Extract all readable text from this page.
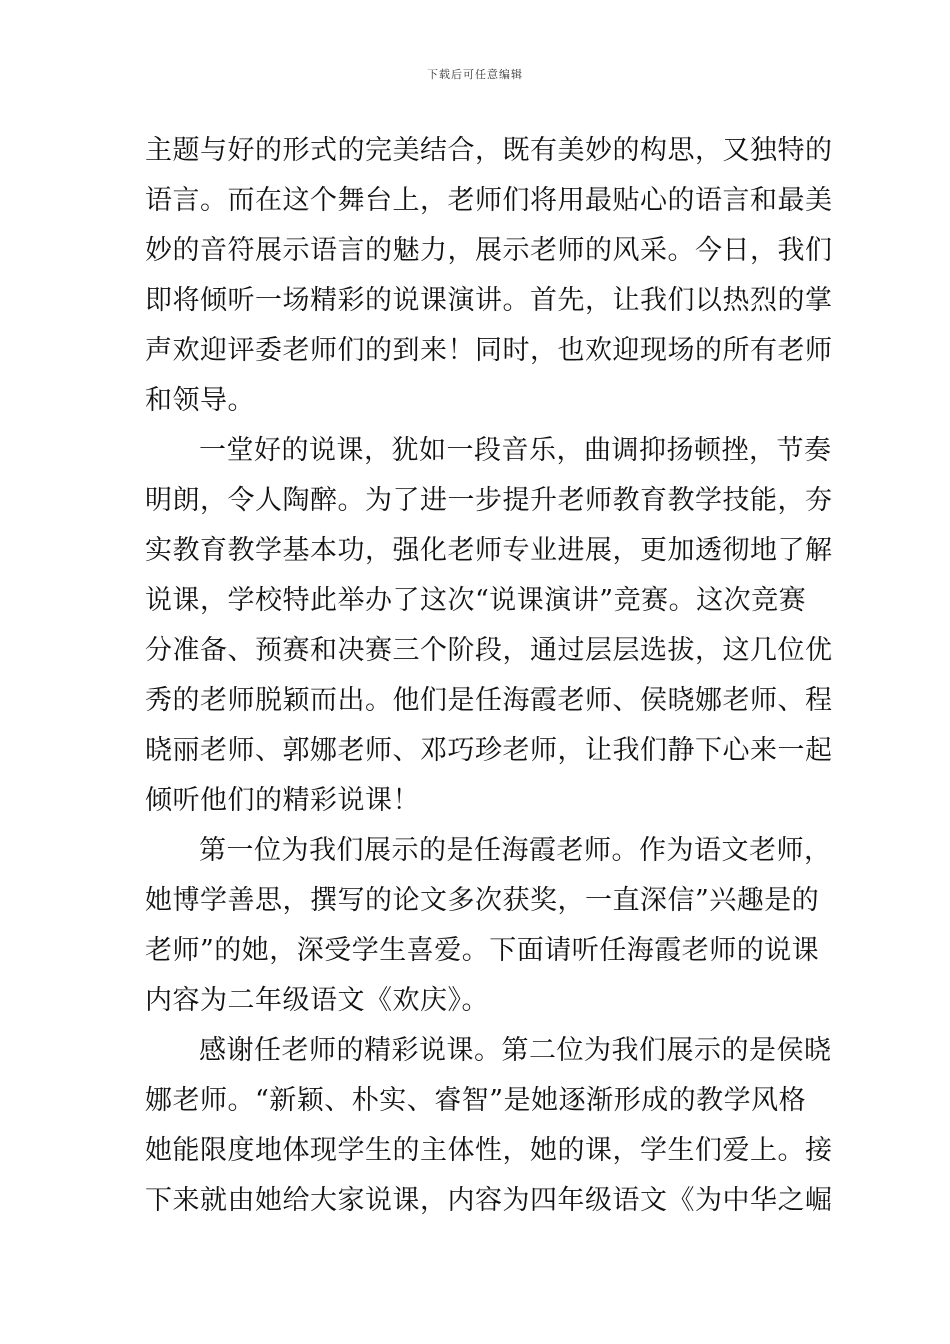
下载后可任意编辑
主题与好的形式的完美结合，既有美妙的构思，又独特的
语言。而在这个舞台上，老师们将用最贴心的语言和最美
妙的音符展示语言的魅力，展示老师的风采。今日，我们
即将倾听一场精彩的说课演讲。首先，让我们以热烈的掌
声欢迎评委老师们的到来！同时，也欢迎现场的所有老师
和领导。
一堂好的说课，犹如一段音乐，曲调抑扬顿挫，节奏
明朗，令人陶醉。为了进一步提升老师教育教学技能，夯
实教育教学基本功，强化老师专业进展，更加透彻地了解
说课，学校特此举办了这次“说课演讲”竞赛。这次竞赛
分准备、预赛和决赛三个阶段，通过层层选拔，这几位优
秀的老师脱颖而出。他们是任海霞老师、侯晓娜老师、程
晓丽老师、郭娜老师、邓巧珍老师，让我们静下心来一起
倾听他们的精彩说课！
第一位为我们展示的是任海霞老师。作为语文老师，
她博学善思，撰写的论文多次获奖，一直深信”兴趣是的
老师”的她，深受学生喜爱。下面请听任海霞老师的说课
内容为二年级语文《欢庆》。
感谢任老师的精彩说课。第二位为我们展示的是侯晓
娜老师。“新颖、朴实、睿智”是她逐渐形成的教学风格
她能限度地体现学生的主体性，她的课，学生们爱上。接
下来就由她给大家说课，内容为四年级语文《为中华之崛
